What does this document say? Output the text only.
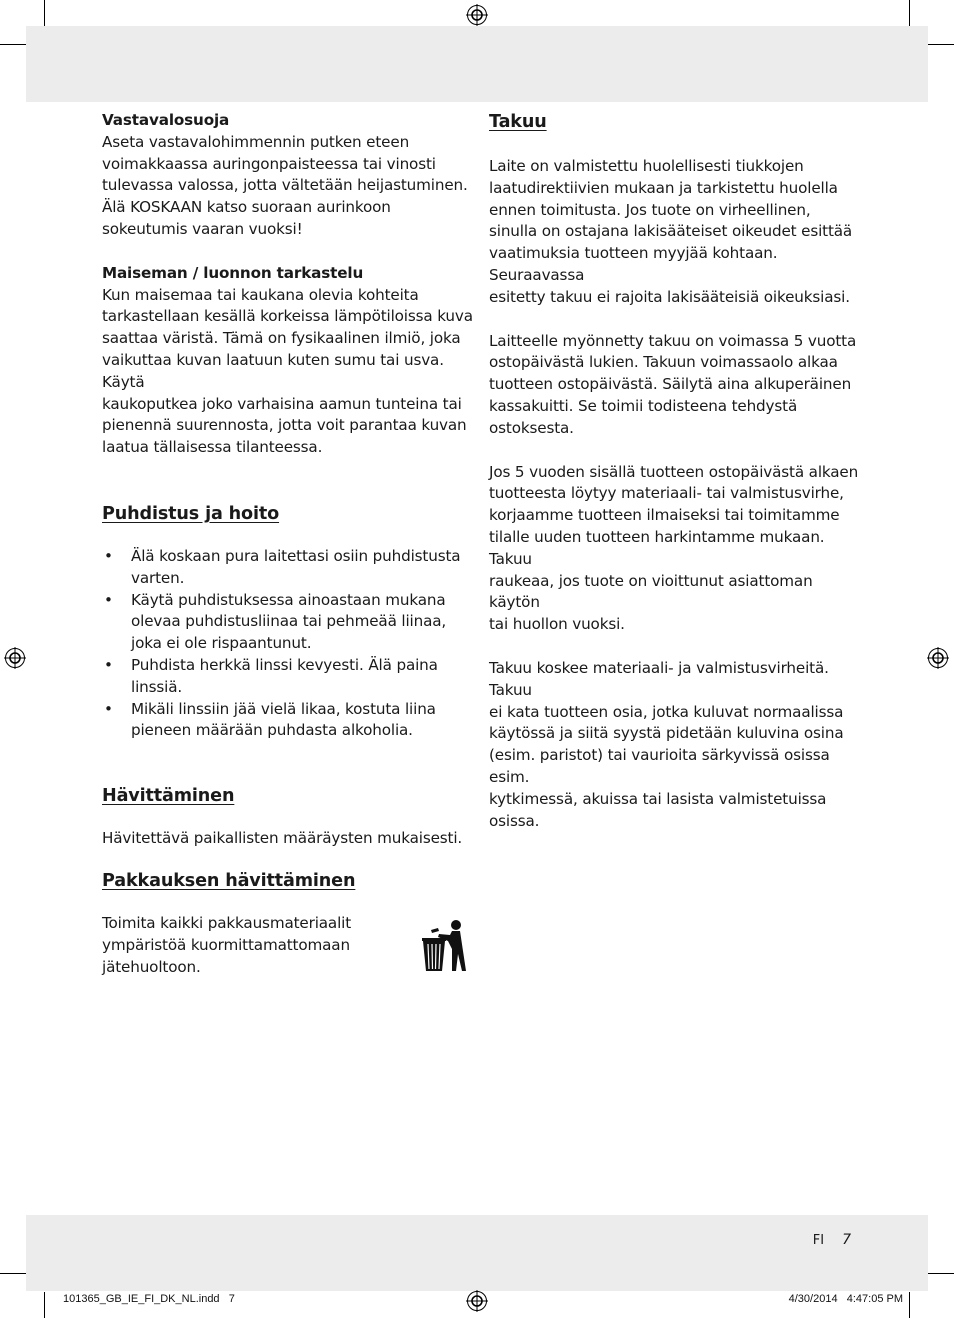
Vastavalosuoja

Aseta vastavalohimmennin putken eteen
voimakkaassa auringonpaisteessa tai vinosti
tulevassa valossa, jotta vältetään heijastuminen.
Älä KOSKAAN katso suoraan aurinkoon
sokeutumis vaaran vuoksi!

Maiseman / luonnon tarkastelu

Kun maisemaa tai kaukana olevia kohteita
tarkastellaan kesällä korkeissa lämpötiloissa kuva
saattaa väristä. Tämä on fysikaalinen ilmiö, joka
vaikuttaa kuvan laatuun kuten sumu tai usva. Käytä
kaukoputkea joko varhaisina aamun tunteina tai
pienennä suurennosta, jotta voit parantaa kuvan
laatua tällaisessa tilanteessa.

Puhdistus ja hoito
• Älä koskaan pura laitettasi osiin puhdistusta
varten.
• Käytä puhdistuksessa ainoastaan mukana
olevaa puhdistusliinaa tai pehmeää liinaa,
joka ei ole rispaantunut.
• Puhdista herkkä linssi kevyesti. Älä paina
linssiä.
• Mikäli linssiin jää vielä likaa, kostuta liina
pieneen määrään puhdasta alkoholia.
Hävittäminen

Hävitettävä paikallisten määräysten mukaisesti.

Pakkauksen hävittäminen

Toimita kaikki pakkausmateriaalit
ympäristöä kuormittamattomaan
jätehuoltoon.

Takuu

Laite on valmistettu huolellisesti tiukkojen
laatudirektiivien mukaan ja tarkistettu huolella
ennen toimitusta. Jos tuote on virheellinen,
sinulla on ostajana lakisääteiset oikeudet esittää
vaatimuksia tuotteen myyjää kohtaan. Seuraavassa
esitetty takuu ei rajoita lakisääteisiä oikeuksiasi.

Laitteelle myönnetty takuu on voimassa 5 vuotta
ostopäivästä lukien. Takuun voimassaolo alkaa
tuotteen ostopäivästä. Säilytä aina alkuperäinen
kassakuitti. Se toimii todisteena tehdystä ostoksesta.

Jos 5 vuoden sisällä tuotteen ostopäivästä alkaen
tuotteesta löytyy materiaali- tai valmistusvirhe,
korjaamme tuotteen ilmaiseksi tai toimitamme
tilalle uuden tuotteen harkintamme mukaan. Takuu
raukeaa, jos tuote on vioittunut asiattoman käytön
tai huollon vuoksi.

Takuu koskee materiaali- ja valmistusvirheitä. Takuu
ei kata tuotteen osia, jotka kuluvat normaalissa
käytössä ja siitä syystä pidetään kuluvina osina
(esim. paristot) tai vaurioita särkyvissä osissa esim.
kytkimessä, akuissa tai lasista valmistetuissa osissa.

FI 7
101365_GB_IE_FI_DK_NL.indd   7	4/30/2014   4:47:05 PM
